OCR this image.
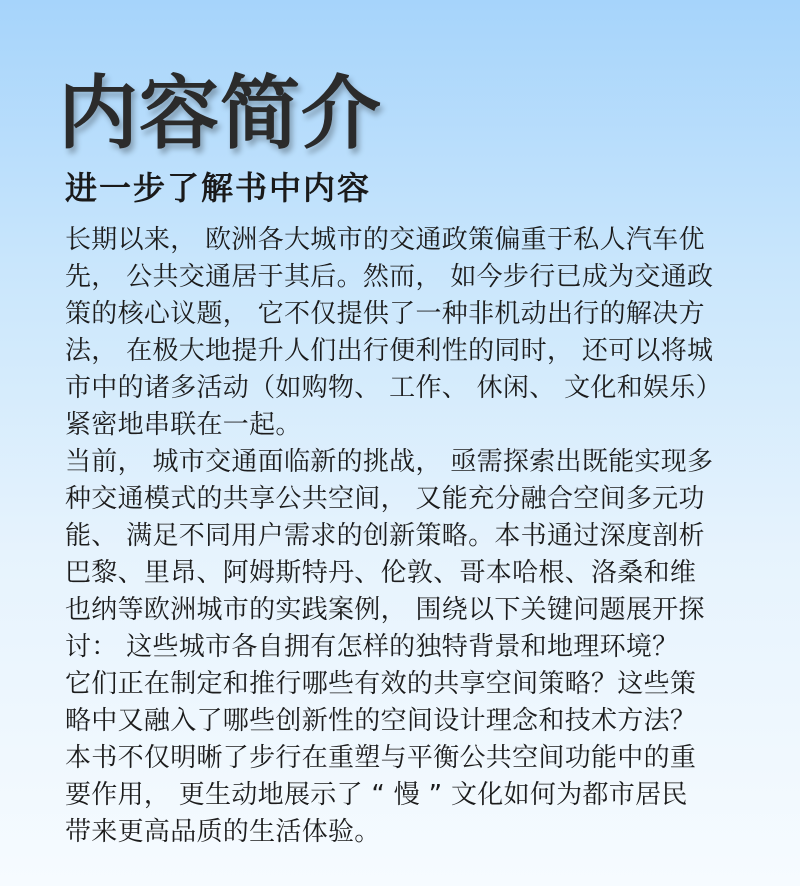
内容简介
进一步了解书中内容

长期以来， 欧洲各大城市的交通政策偏重于私人汽车优
先， 公共交通居于其后。然而， 如今步行已成为交通政
策的核心议题， 它不仅提供了一种非机动出行的解决方
法， 在极大地提升人们出行便利性的同时， 还可以将城
市中的诸多活动（如购物、 工作、 休闲、 文化和娱乐）
紧密地串联在一起。

当前， 城市交通面临新的挑战， 亟需探索出既能实现多
种交通模式的共享公共空间， 又能充分融合空间多元功
能、 满足不同用户需求的创新策略。本书通过深度剖析
巴黎、里昂、阿姆斯特丹、伦敦、哥本哈根、洛桑和维
也纳等欧洲城市的实践案例， 围绕以下关键问题展开探
讨： 这些城市各自拥有怎样的独特背景和地理环境？
它们正在制定和推行哪些有效的共享空间策略？这些策
略中又融入了哪些创新性的空间设计理念和技术方法？
本书不仅明晰了步行在重塑与平衡公共空间功能中的重
要作用， 更生动地展示了 “ 慢 ” 文化如何为都市居民
带来更高品质的生活体验。
